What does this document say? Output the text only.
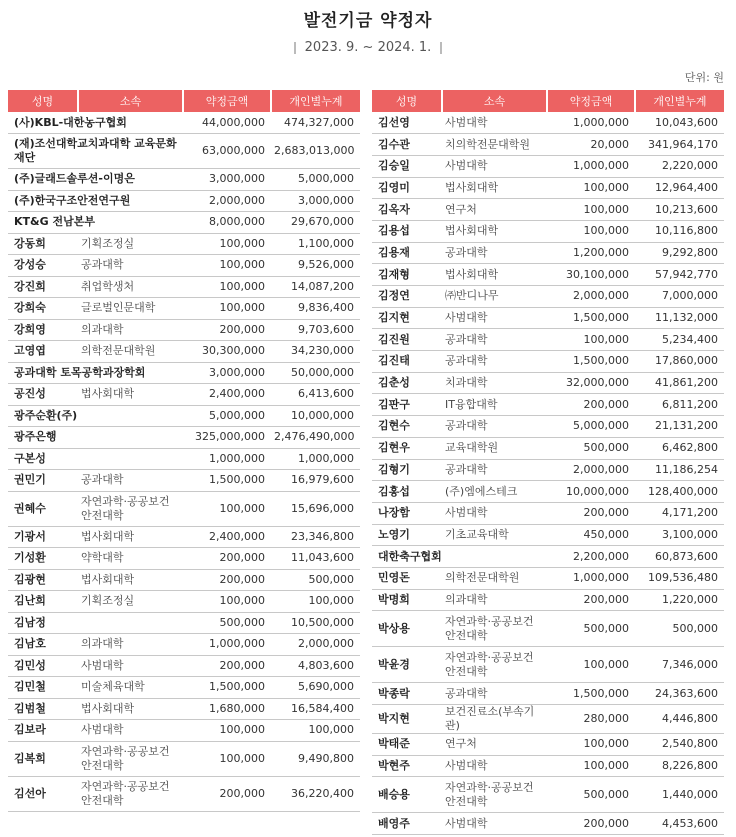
발전기금 약정자
2023. 9. ~ 2024. 1.
단위: 원
성명	소속	약정금액	개인별누계
(사)KBL-대한농구협회		44,000,000	474,327,000
(재)조선대학교치과대학 교육문화재단		63,000,000	2,683,013,000
(주)글래드솔루션-이명은		3,000,000	5,000,000
(주)한국구조안전연구원		2,000,000	3,000,000
KT&G 전남본부		8,000,000	29,670,000
강동희	기획조정실	100,000	1,100,000
강성승	공과대학	100,000	9,526,000
강진희	취업학생처	100,000	14,087,200
강희숙	글로벌인문대학	100,000	9,836,400
강희영	의과대학	200,000	9,703,600
고영엽	의학전문대학원	30,300,000	34,230,000
공과대학 토목공학과장학회		3,000,000	50,000,000
공진성	법사회대학	2,400,000	6,413,600
광주순환(주)		5,000,000	10,000,000
광주은행		325,000,000	2,476,490,000
구본성		1,000,000	1,000,000
권민기	공과대학	1,500,000	16,979,600
권혜수	자연과학·공공보건 안전대학	100,000	15,696,000
기광서	법사회대학	2,400,000	23,346,800
기성환	약학대학	200,000	11,043,600
김광현	법사회대학	200,000	500,000
김난희	기획조정실	100,000	100,000
김남정		500,000	10,500,000
김남호	의과대학	1,000,000	2,000,000
김민성	사범대학	200,000	4,803,600
김민철	미술체육대학	1,500,000	5,690,000
김범철	법사회대학	1,680,000	16,584,400
김보라	사범대학	100,000	100,000
김복희	자연과학·공공보건 안전대학	100,000	9,490,800
김선아	자연과학·공공보건 안전대학	200,000	36,220,400
성명	소속	약정금액	개인별누계
김선영	사범대학	1,000,000	10,043,600
김수관	치의학전문대학원	20,000	341,964,170
김승일	사범대학	1,000,000	2,220,000
김영미	법사회대학	100,000	12,964,400
김옥자	연구처	100,000	10,213,600
김용섭	법사회대학	100,000	10,116,800
김용재	공과대학	1,200,000	9,292,800
김재형	법사회대학	30,100,000	57,942,770
김정연	㈜반디나무	2,000,000	7,000,000
김지현	사범대학	1,500,000	11,132,000
김진원	공과대학	100,000	5,234,400
김진태	공과대학	1,500,000	17,860,000
김춘성	치과대학	32,000,000	41,861,200
김판구	IT융합대학	200,000	6,811,200
김현수	공과대학	5,000,000	21,131,200
김현우	교육대학원	500,000	6,462,800
김형기	공과대학	2,000,000	11,186,254
김홍섭	(주)엠에스테크	10,000,000	128,400,000
나장함	사범대학	200,000	4,171,200
노영기	기초교육대학	450,000	3,100,000
대한축구협회		2,200,000	60,873,600
민영돈	의학전문대학원	1,000,000	109,536,480
박명희	의과대학	200,000	1,220,000
박상용	자연과학·공공보건 안전대학	500,000	500,000
박윤경	자연과학·공공보건 안전대학	100,000	7,346,000
박종락	공과대학	1,500,000	24,363,600
박지현	보건진료소(부속기관)	280,000	4,446,800
박태준	연구처	100,000	2,540,800
박현주	사범대학	100,000	8,226,800
배승용	자연과학·공공보건 안전대학	500,000	1,440,000
배영주	사범대학	200,000	4,453,600
